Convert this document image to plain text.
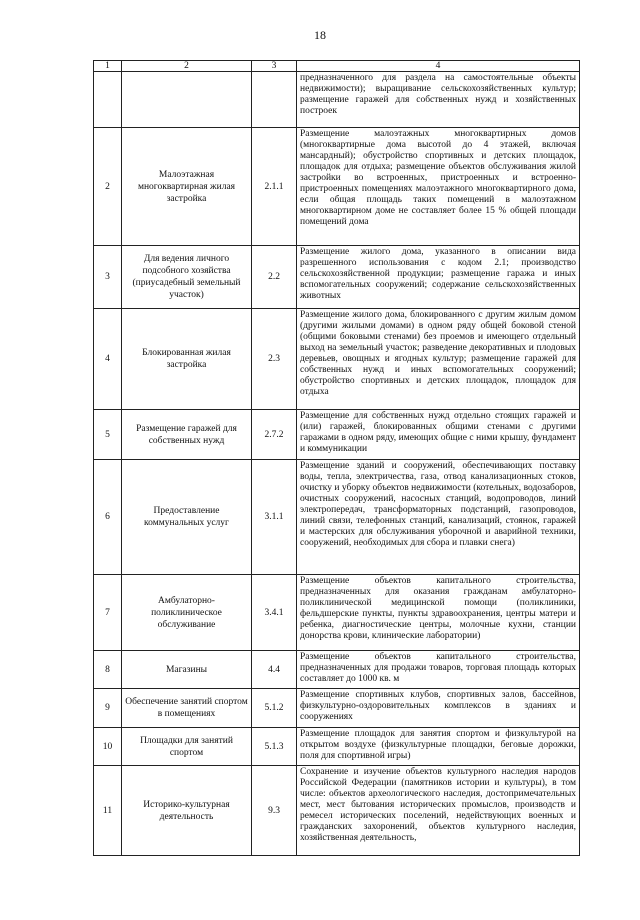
18
1	2	3	4
			предназначенного для раздела на самостоятельные объекты недвижимости); выращивание сельскохозяйственных культур; размещение гаражей для собственных нужд и хозяйственных построек
2	Малоэтажная многоквартирная жилая застройка	2.1.1	Размещение малоэтажных многоквартирных домов (многоквартирные дома высотой до 4 этажей, включая мансардный); обустройство спортивных и детских площадок, площадок для отдыха; размещение объектов обслуживания жилой застройки во встроенных, пристроенных и встроенно-пристроенных помещениях малоэтажного многоквартирного дома, если общая площадь таких помещений в малоэтажном многоквартирном доме не составляет более 15 % общей площади помещений дома
3	Для ведения личного подсобного хозяйства (приусадебный земельный участок)	2.2	Размещение жилого дома, указанного в описании вида разрешенного использования с кодом 2.1; производство сельскохозяйственной продукции; размещение гаража и иных вспомогательных сооружений; содержание сельскохозяйственных животных
4	Блокированная жилая застройка	2.3	Размещение жилого дома, блокированного с другим жилым домом (другими жилыми домами) в одном ряду общей боковой стеной (общими боковыми стенами) без проемов и имеющего отдельный выход на земельный участок; разведение декоративных и плодовых деревьев, овощных и ягодных культур; размещение гаражей для собственных нужд и иных вспомогательных сооружений; обустройство спортивных и детских площадок, площадок для отдыха
5	Размещение гаражей для собственных нужд	2.7.2	Размещение для собственных нужд отдельно стоящих гаражей и (или) гаражей, блокированных общими стенами с другими гаражами в одном ряду, имеющих общие с ними крышу, фундамент и коммуникации
6	Предоставление коммунальных услуг	3.1.1	Размещение зданий и сооружений, обеспечивающих поставку воды, тепла, электричества, газа, отвод канализационных стоков, очистку и уборку объектов недвижимости (котельных, водозаборов, очистных сооружений, насосных станций, водопроводов, линий электропередач, трансформаторных подстанций, газопроводов, линий связи, телефонных станций, канализаций, стоянок, гаражей и мастерских для обслуживания уборочной и аварийной техники, сооружений, необходимых для сбора и плавки снега)
7	Амбулаторно-поликлиническое обслуживание	3.4.1	Размещение объектов капитального строительства, предназначенных для оказания гражданам амбулаторно-поликлинической медицинской помощи (поликлиники, фельдшерские пункты, пункты здравоохранения, центры матери и ребенка, диагностические центры, молочные кухни, станции донорства крови, клинические лаборатории)
8	Магазины	4.4	Размещение объектов капитального строительства, предназначенных для продажи товаров, торговая площадь которых составляет до 1000 кв. м
9	Обеспечение занятий спортом в помещениях	5.1.2	Размещение спортивных клубов, спортивных залов, бассейнов, физкультурно-оздоровительных комплексов в зданиях и сооружениях
10	Площадки для занятий спортом	5.1.3	Размещение площадок для занятия спортом и физкультурой на открытом воздухе (физкультурные площадки, беговые дорожки, поля для спортивной игры)
11	Историко-культурная деятельность	9.3	Сохранение и изучение объектов культурного наследия народов Российской Федерации (памятников истории и культуры), в том числе: объектов археологического наследия, достопримечательных мест, мест бытования исторических промыслов, производств и ремесел исторических поселений, недействующих военных и гражданских захоронений, объектов культурного наследия, хозяйственная деятельность,
